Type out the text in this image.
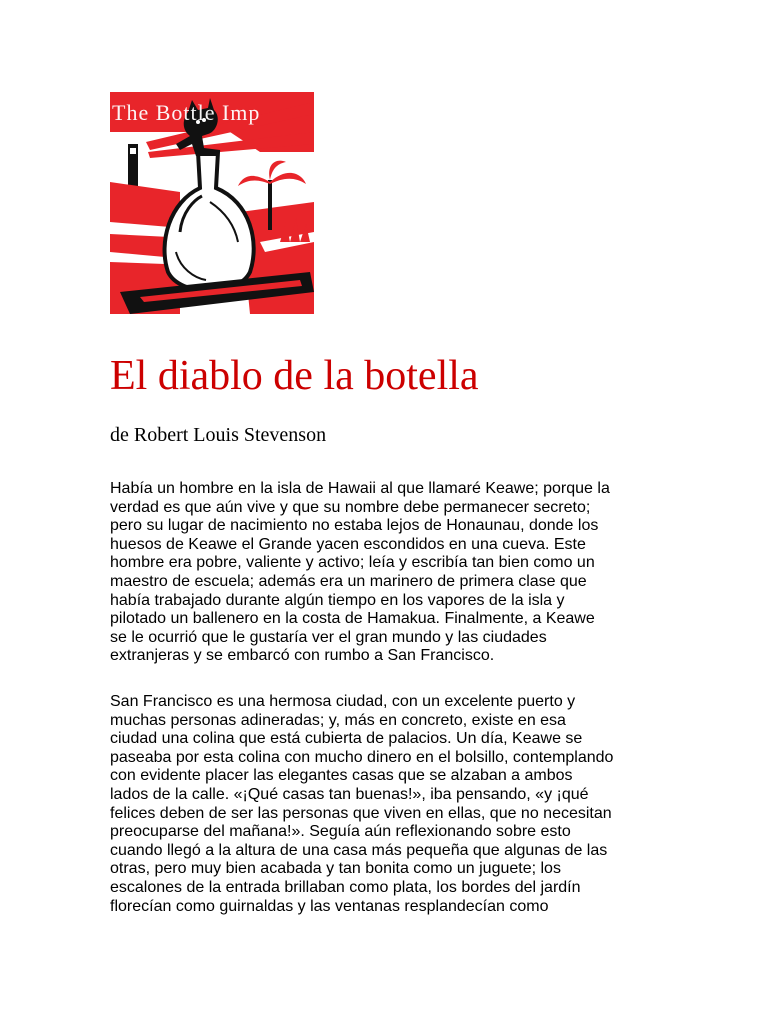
The Bottle Imp
El diablo de la botella

de Robert Louis Stevenson

Había un hombre en la isla de Hawaii al que llamaré Keawe; porque la
verdad es que aún vive y que su nombre debe permanecer secreto;
pero su lugar de nacimiento no estaba lejos de Honaunau, donde los
huesos de Keawe el Grande yacen escondidos en una cueva. Este
hombre era pobre, valiente y activo; leía y escribía tan bien como un
maestro de escuela; además era un marinero de primera clase que
había trabajado durante algún tiempo en los vapores de la isla y
pilotado un ballenero en la costa de Hamakua. Finalmente, a Keawe
se le ocurrió que le gustaría ver el gran mundo y las ciudades
extranjeras y se embarcó con rumbo a San Francisco.

San Francisco es una hermosa ciudad, con un excelente puerto y
muchas personas adineradas; y, más en concreto, existe en esa
ciudad una colina que está cubierta de palacios. Un día, Keawe se
paseaba por esta colina con mucho dinero en el bolsillo, contemplando
con evidente placer las elegantes casas que se alzaban a ambos
lados de la calle. «¡Qué casas tan buenas!», iba pensando, «y ¡qué
felices deben de ser las personas que viven en ellas, que no necesitan
preocuparse del mañana!». Seguía aún reflexionando sobre esto
cuando llegó a la altura de una casa más pequeña que algunas de las
otras, pero muy bien acabada y tan bonita como un juguete; los
escalones de la entrada brillaban como plata, los bordes del jardín
florecían como guirnaldas y las ventanas resplandecían como
